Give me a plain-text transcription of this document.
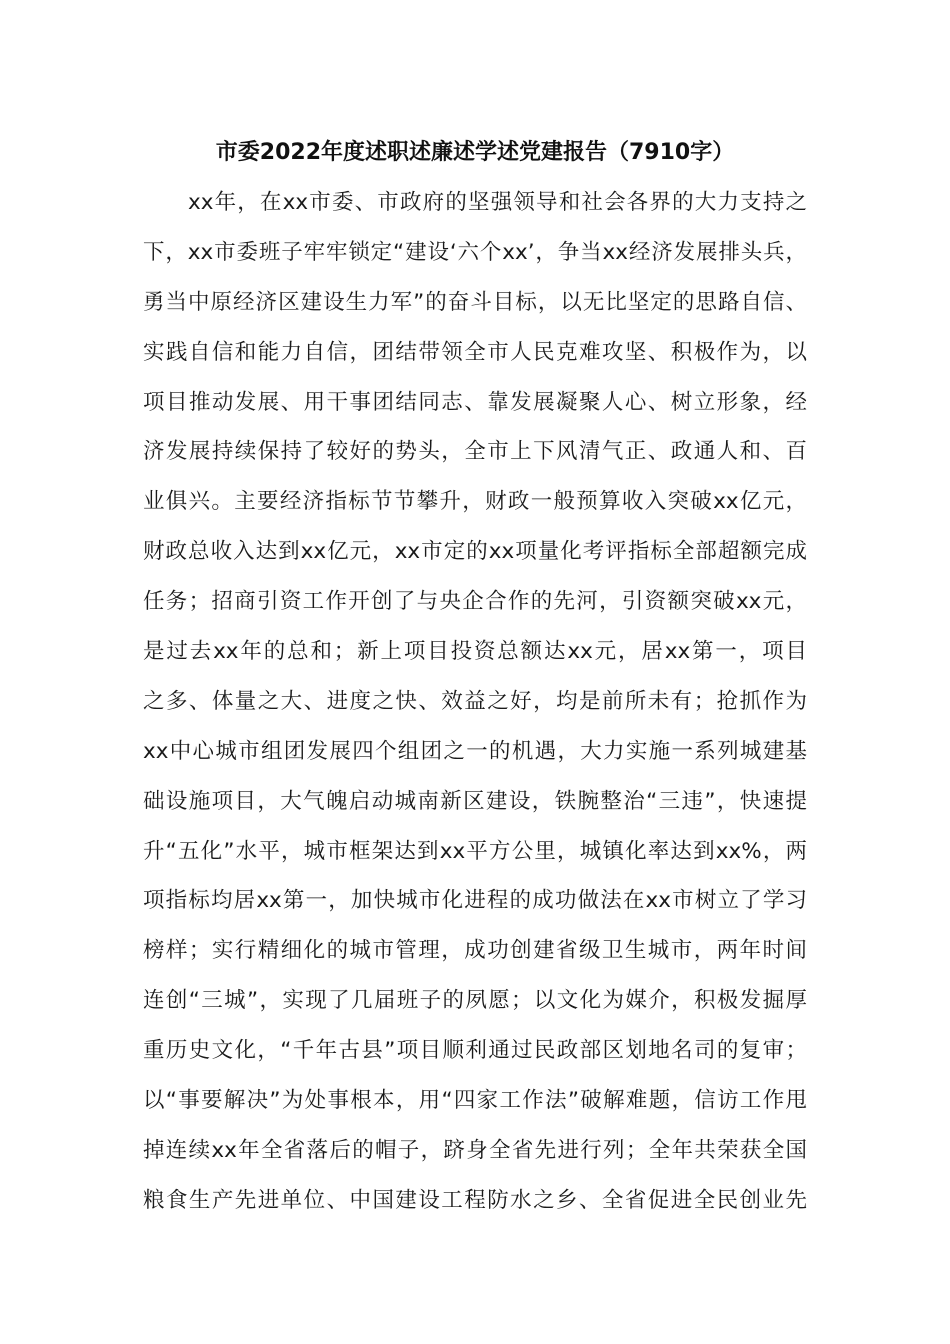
市委2022年度述职述廉述学述党建报告（7910字）
xx年，在xx市委、市政府的坚强领导和社会各界的大力支持之
下，xx市委班子牢牢锁定“建设‘六个xx’，争当xx经济发展排头兵，
勇当中原经济区建设生力军”的奋斗目标，以无比坚定的思路自信、
实践自信和能力自信，团结带领全市人民克难攻坚、积极作为，以
项目推动发展、用干事团结同志、靠发展凝聚人心、树立形象，经
济发展持续保持了较好的势头，全市上下风清气正、政通人和、百
业俱兴。主要经济指标节节攀升，财政一般预算收入突破xx亿元，
财政总收入达到xx亿元，xx市定的xx项量化考评指标全部超额完成
任务；招商引资工作开创了与央企合作的先河，引资额突破xx元，
是过去xx年的总和；新上项目投资总额达xx元，居xx第一，项目
之多、体量之大、进度之快、效益之好，均是前所未有；抢抓作为
xx中心城市组团发展四个组团之一的机遇，大力实施一系列城建基
础设施项目，大气魄启动城南新区建设，铁腕整治“三违”，快速提
升“五化”水平，城市框架达到xx平方公里，城镇化率达到xx%，两
项指标均居xx第一，加快城市化进程的成功做法在xx市树立了学习
榜样；实行精细化的城市管理，成功创建省级卫生城市，两年时间
连创“三城”，实现了几届班子的夙愿；以文化为媒介，积极发掘厚
重历史文化，“千年古县”项目顺利通过民政部区划地名司的复审；
以“事要解决”为处事根本，用“四家工作法”破解难题，信访工作甩
掉连续xx年全省落后的帽子，跻身全省先进行列；全年共荣获全国
粮食生产先进单位、中国建设工程防水之乡、全省促进全民创业先
